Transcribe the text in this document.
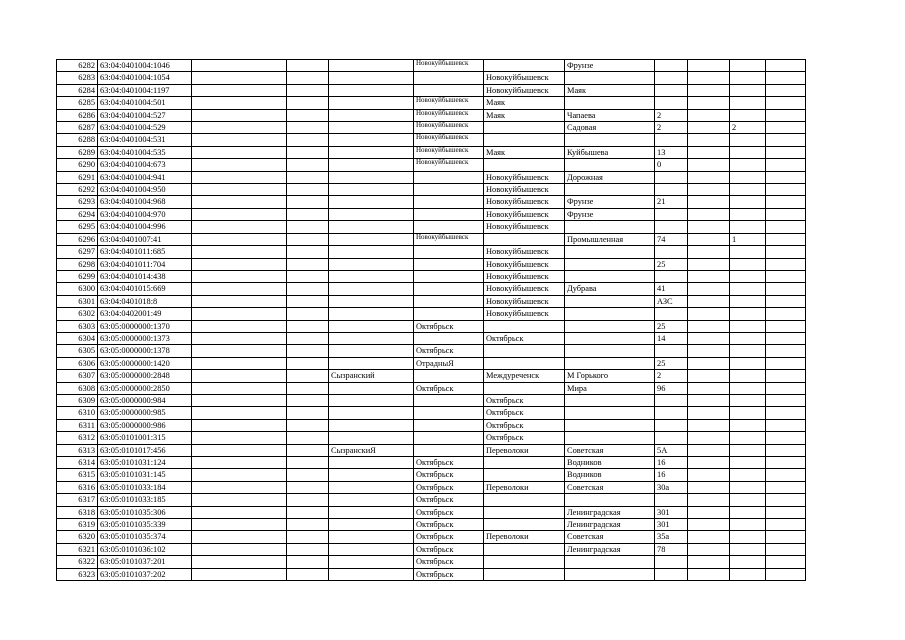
6282	63:04:0401004:1046				Новокуйбышевск		Фрунзе				
6283	63:04:0401004:1054					Новокуйбышевск					
6284	63:04:0401004:1197					Новокуйбышевск	Маяк				
6285	63:04:0401004:501				Новокуйбышевск	Маяк					
6286	63:04:0401004:527				Новокуйбышевск	Маяк	Чапаева	2			
6287	63:04:0401004:529				Новокуйбышевск		Садовая	2		2	
6288	63:04:0401004:531				Новокуйбышевск						
6289	63:04:0401004:535				Новокуйбышевск	Маяк	Куйбышева	13			
6290	63:04:0401004:673				Новокуйбышевск			0			
6291	63:04:0401004:941					Новокуйбышевск	Дорожная				
6292	63:04:0401004:950					Новокуйбышевск					
6293	63:04:0401004:968					Новокуйбышевск	Фрунзе	21			
6294	63:04:0401004:970					Новокуйбышевск	Фрунзе				
6295	63:04:0401004:996					Новокуйбышевск					
6296	63:04:0401007:41				Новокуйбышевск		Промышленная	74		1	
6297	63:04:0401011:685					Новокуйбышевск					
6298	63:04:0401011:704					Новокуйбышевск		25			
6299	63:04:0401014:438					Новокуйбышевск					
6300	63:04:0401015:669					Новокуйбышевск	Дубрава	41			
6301	63:04:0401018:8					Новокуйбышевск		АЗС			
6302	63:04:0402001:49					Новокуйбышевск					
6303	63:05:0000000:1370				Октябрьск			25			
6304	63:05:0000000:1373					Октябрьск		14			
6305	63:05:0000000:1378				Октябрьск						
6306	63:05:0000000:1420				ОтрадныЯ			25			
6307	63:05:0000000:2848			Сызранский		Междуреченск	М Горького	2			
6308	63:05:0000000:2850				Октябрьск		Мира	96			
6309	63:05:0000000:984					Октябрьск					
6310	63:05:0000000:985					Октябрьск					
6311	63:05:0000000:986					Октябрьск					
6312	63:05:0101001:315					Октябрьск					
6313	63:05:0101017:456			СызранскиЯ		Переволоки	Советская	5А			
6314	63:05:0101031:124				Октябрьск		Водников	16			
6315	63:05:0101031:145				Октябрьск		Водников	16			
6316	63:05:0101033:184				Октябрьск	Переволоки	Советская	30а			
6317	63:05:0101033:185				Октябрьск						
6318	63:05:0101035:306				Октябрьск		Ленинградская	301			
6319	63:05:0101035:339				Октябрьск		Ленинградская	301			
6320	63:05:0101035:374				Октябрьск	Переволоки	Советская	35а			
6321	63:05:0101036:102				Октябрьск		Ленинградская	78			
6322	63:05:0101037:201				Октябрьск						
6323	63:05:0101037:202				Октябрьск						
